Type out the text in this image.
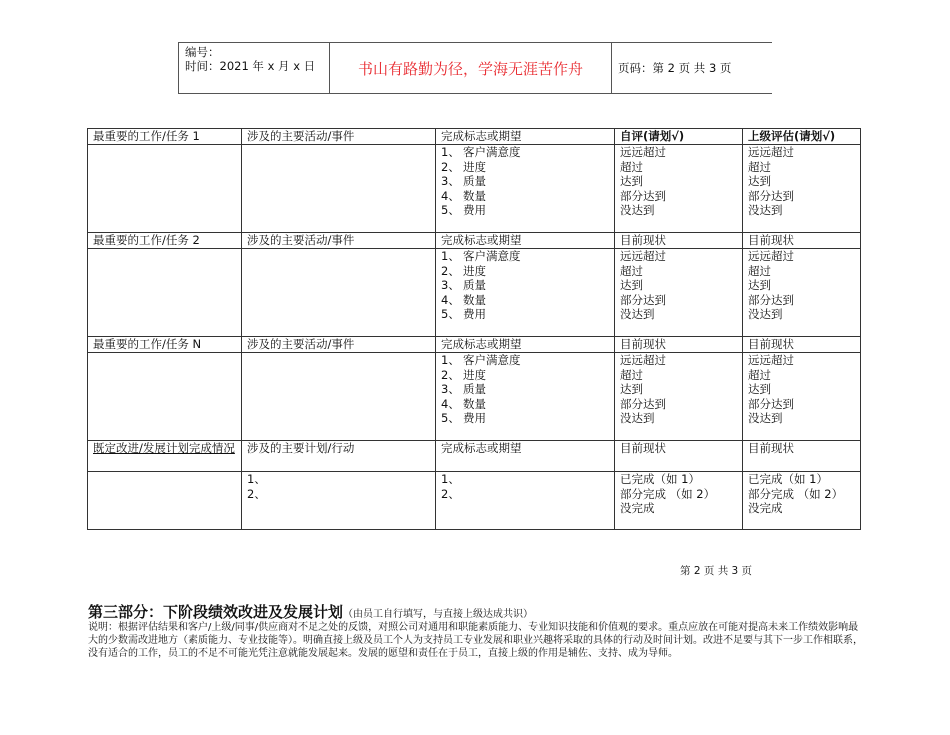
编号：
时间：2021 年 x 月 x 日	书山有路勤为径，学海无涯苦作舟	页码：第 2 页 共 3 页
最重要的工作/任务 1	涉及的主要活动/事件	完成标志或期望	自评(请划√)	上级评估(请划√)

		1、 客户满意度
2、 进度
3、 质量
4、 数量
5、 费用	远远超过
超过
达到
部分达到
没达到	远远超过
超过
达到
部分达到
没达到

最重要的工作/任务 2	涉及的主要活动/事件	完成标志或期望	目前现状	目前现状

		1、 客户满意度
2、 进度
3、 质量
4、 数量
5、 费用	远远超过
超过
达到
部分达到
没达到	远远超过
超过
达到
部分达到
没达到

最重要的工作/任务 N	涉及的主要活动/事件	完成标志或期望	目前现状	目前现状

		1、 客户满意度
2、 进度
3、 质量
4、 数量
5、 费用	远远超过
超过
达到
部分达到
没达到	远远超过
超过
达到
部分达到
没达到

既定改进/发展计划完成情况	涉及的主要计划/行动	完成标志或期望	目前现状	目前现状

	1、
2、	1、
2、	已完成（如 1）
部分完成 （如 2）
没完成	已完成（如 1）
部分完成 （如 2）
没完成
第 2 页 共 3 页
第三部分：下阶段绩效改进及发展计划（由员工自行填写，与直接上级达成共识）
说明：根据评估结果和客户/上级/同事/供应商对不足之处的反馈，对照公司对通用和职能素质能力、专业知识技能和价值观的要求。重点应放在可能对提高未来工作绩效影响最大的少数需改进地方（素质能力、专业技能等）。明确直接上级及员工个人为支持员工专业发展和职业兴趣将采取的具体的行动及时间计划。改进不足要与其下一步工作相联系，没有适合的工作，员工的不足不可能光凭注意就能发展起来。发展的愿望和责任在于员工，直接上级的作用是辅佐、支持、成为导师。
